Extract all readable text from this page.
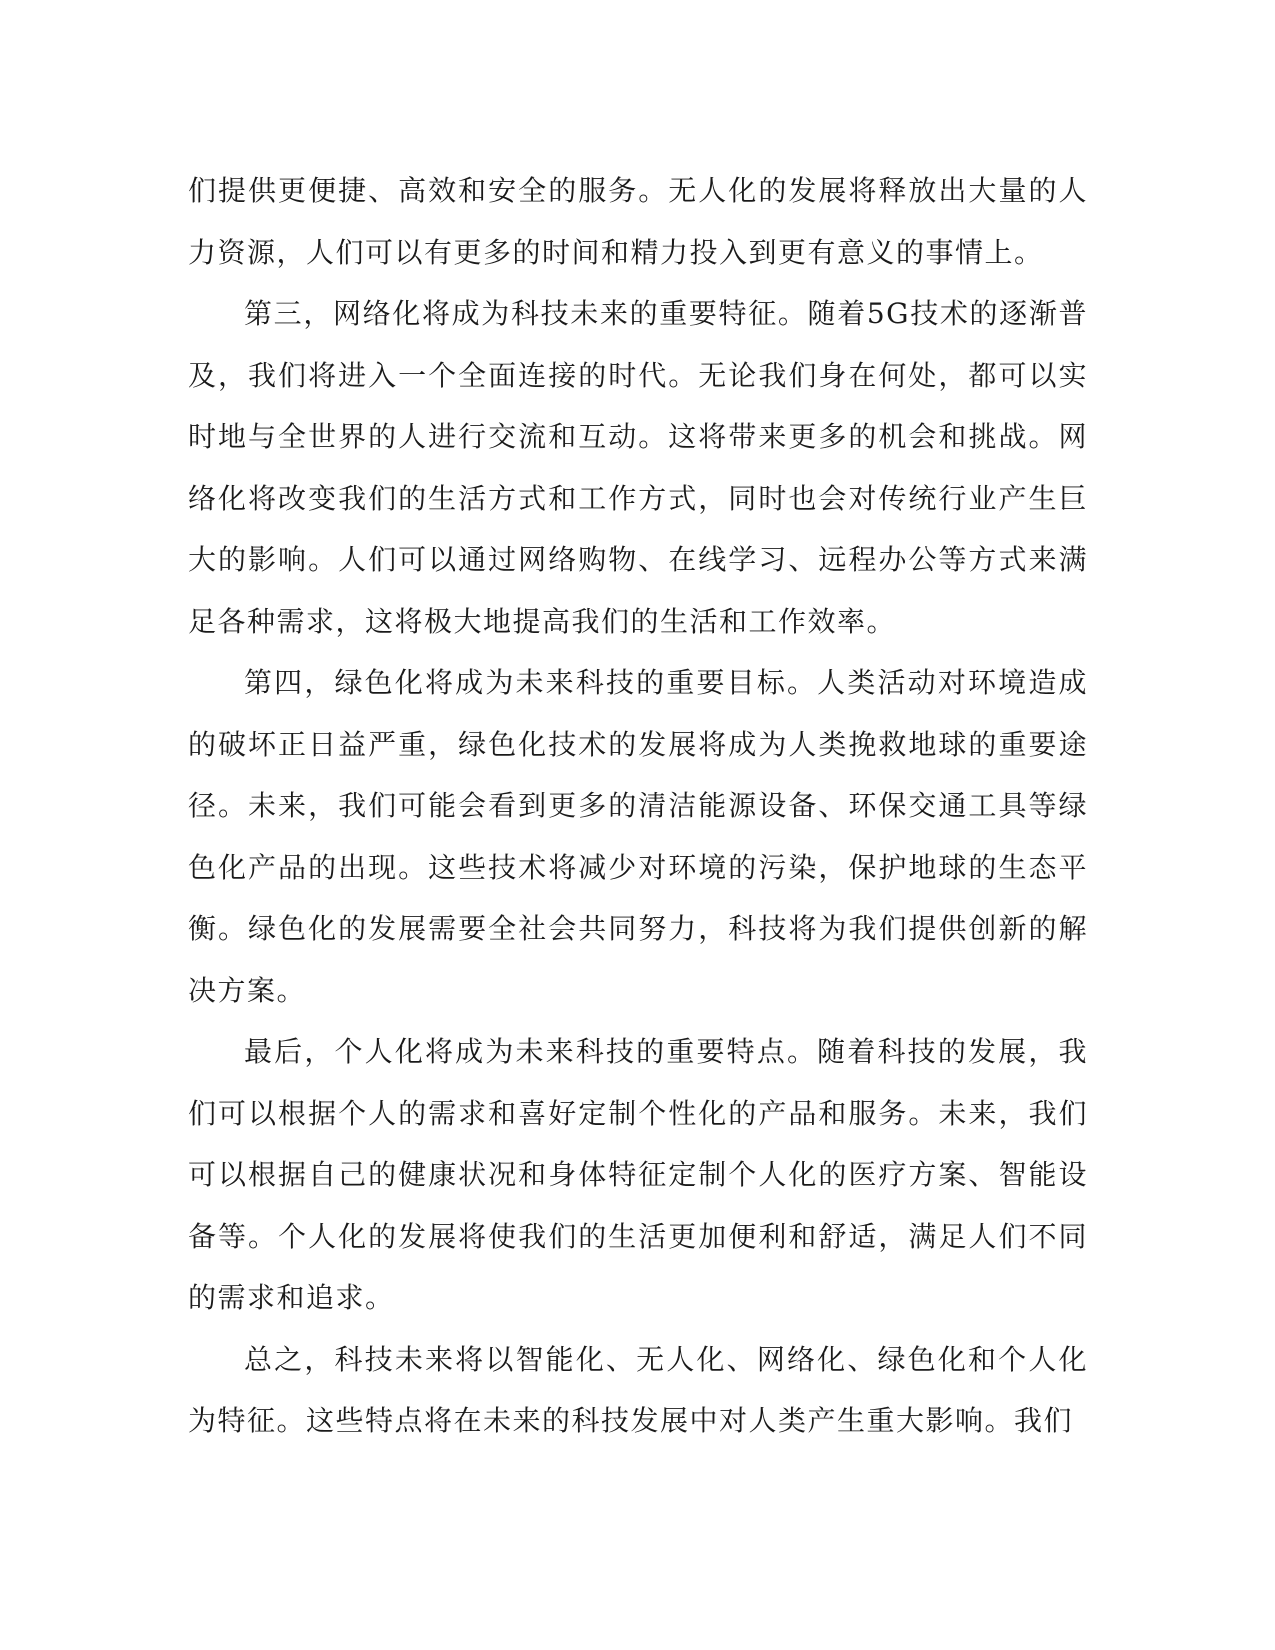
们提供更便捷、高效和安全的服务。无人化的发展将释放出大量的人力资源，人们可以有更多的时间和精力投入到更有意义的事情上。

第三，网络化将成为科技未来的重要特征。随着5G技术的逐渐普及，我们将进入一个全面连接的时代。无论我们身在何处，都可以实时地与全世界的人进行交流和互动。这将带来更多的机会和挑战。网络化将改变我们的生活方式和工作方式，同时也会对传统行业产生巨大的影响。人们可以通过网络购物、在线学习、远程办公等方式来满足各种需求，这将极大地提高我们的生活和工作效率。

第四，绿色化将成为未来科技的重要目标。人类活动对环境造成的破坏正日益严重，绿色化技术的发展将成为人类挽救地球的重要途径。未来，我们可能会看到更多的清洁能源设备、环保交通工具等绿色化产品的出现。这些技术将减少对环境的污染，保护地球的生态平衡。绿色化的发展需要全社会共同努力，科技将为我们提供创新的解决方案。

最后，个人化将成为未来科技的重要特点。随着科技的发展，我们可以根据个人的需求和喜好定制个性化的产品和服务。未来，我们可以根据自己的健康状况和身体特征定制个人化的医疗方案、智能设备等。个人化的发展将使我们的生活更加便利和舒适，满足人们不同的需求和追求。

总之，科技未来将以智能化、无人化、网络化、绿色化和个人化为特征。这些特点将在未来的科技发展中对人类产生重大影响。我们
